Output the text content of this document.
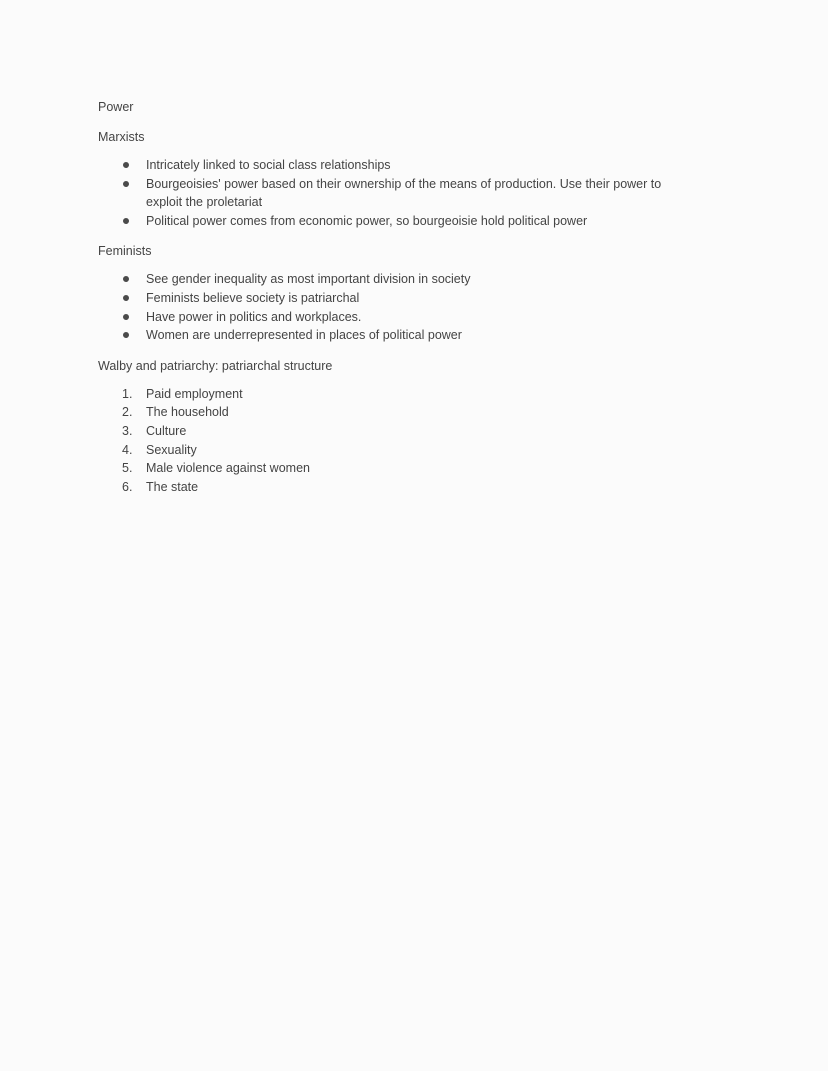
Power

Marxists

Intricately linked to social class relationships
Bourgeoisies' power based on their ownership of the means of production. Use their power to exploit the proletariat
Political power comes from economic power, so bourgeoisie hold political power

Feminists

See gender inequality as most important division in society
Feminists believe society is patriarchal
Have power in politics and workplaces.
Women are underrepresented in places of political power

Walby and patriarchy: patriarchal structure

1.	Paid employment
2.	The household
3.	Culture
4.	Sexuality
5.	Male violence against women
6.	The state
